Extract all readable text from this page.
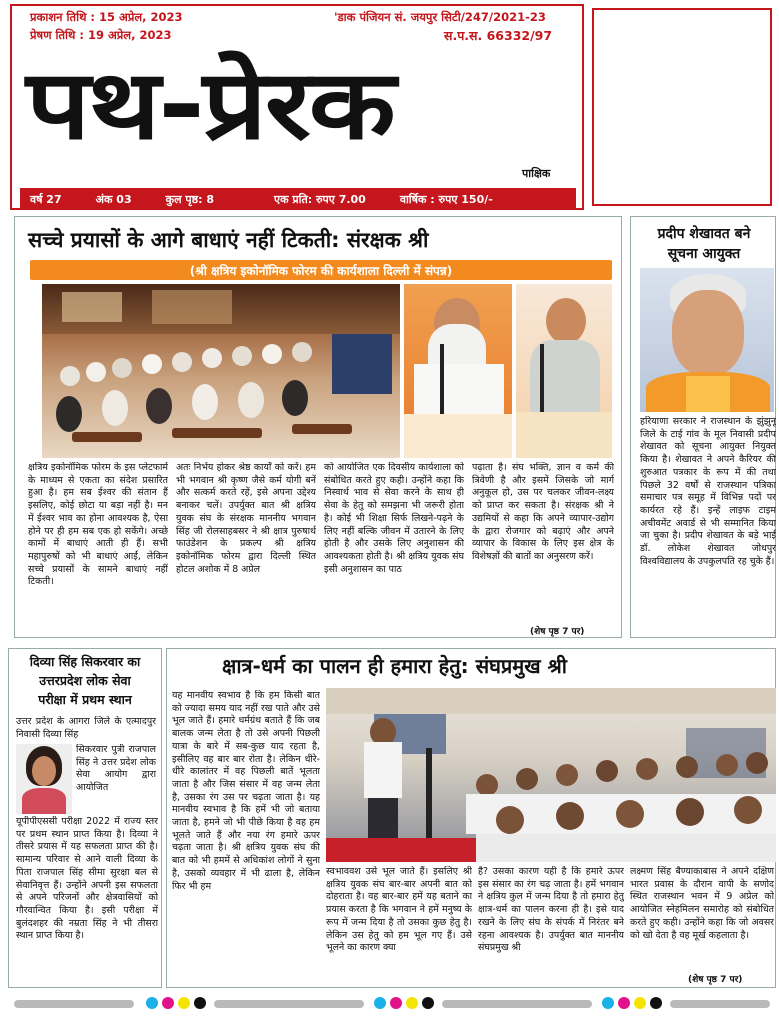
प्रकाशन तिथि : 15 अप्रेल, 2023
प्रेषण तिथि : 19 अप्रेल, 2023
'डाक पंजियन सं. जयपुर सिटी/247/2021-23
स.प.स. 66332/97
पथ-प्रेरक
पाक्षिक
वर्ष 27	अंक 03	कुल पृष्ठ: 8	एक प्रति: रुपए 7.00	वार्षिक : रुपए 150/-
सच्चे प्रयासों के आगे बाधाएं नहीं टिकती: संरक्षक श्री
(श्री क्षत्रिय इकोनॉमिक फोरम की कार्यशाला दिल्ली में संपन्न)
क्षत्रिय इकोनॉमिक फोरम के इस प्लेटफार्म के माध्यम से एकता का संदेश प्रसारित हुआ है। हम सब ईश्वर की संतान हैं इसलिए, कोई छोटा या बड़ा नहीं है। मन में ईश्वर भाव का होना आवश्यक है, ऐसा होने पर ही हम सब एक हो सकेंगे। अच्छे कामों में बाधाएं आती ही हैं। सभी महापुरुषों को भी बाधाएं आईं, लेकिन सच्चे प्रयासों के सामने बाधाएं नहीं टिकती।
अतः निर्भय होकर श्रेष्ठ कार्यों को करें। हम भी भगवान श्री कृष्ण जैसे कर्म योगी बनें और सत्कर्म करते रहें, इसे अपना उद्देश्य बनाकर चलें। उपर्युक्त बात श्री क्षत्रिय युवक संघ के संरक्षक माननीय भगवान सिंह जी रोलसाहबसर ने श्री क्षात्र पुरुषार्थ फाउंडेशन के प्रकल्प श्री क्षत्रिय इकोनॉमिक फोरम द्वारा दिल्ली स्थित होटल अशोक में 8 अप्रेल
को आयोजित एक दिवसीय कार्यशाला को संबोधित करते हुए कही। उन्होंने कहा कि निस्वार्थ भाव से सेवा करने के साथ ही सेवा के हेतु को समझना भी जरूरी होता है। कोई भी शिक्षा सिर्फ लिखने-पढ़ने के लिए नहीं बल्कि जीवन में उतारने के लिए होती है और उसके लिए अनुशासन की आवश्यकता होती है। श्री क्षत्रिय युवक संघ इसी अनुशासन का पाठ
पढ़ाता है। संघ भक्ति, ज्ञान व कर्म की त्रिवेणी है और इसमें जिसके जो मार्ग अनुकूल हो, उस पर चलकर जीवन-लक्ष्य को प्राप्त कर सकता है। संरक्षक श्री ने उद्यमियों से कहा कि अपने व्यापार-उद्योग के द्वारा रोजगार को बढ़ाएं और अपने व्यापार के विकास के लिए इस क्षेत्र के विशेषज्ञों की बातों का अनुसरण करें।
(शेष पृष्ठ 7 पर)
प्रदीप शेखावत बने
सूचना आयुक्त
हरियाणा सरकार ने राजस्थान के झुंझुनू जिले के टाई गांव के मूल निवासी प्रदीप शेखावत को सूचना आयुक्त नियुक्त किया है। शेखावत ने अपने कैरियर की शुरुआत पत्रकार के रूप में की तथा पिछले 32 वर्षों से राजस्थान पत्रिका समाचार पत्र समूह में विभिन्न पदों पर कार्यरत रहे हैं। इन्हें लाइफ टाइम अचीवमेंट अवार्ड से भी सम्मानित किया जा चुका है। प्रदीप शेखावत के बड़े भाई डॉ. लोकेश शेखावत जोधपुर विश्वविद्यालय के उपकुलपति रह चुके हैं।
दिव्या सिंह सिकरवार का
उत्तरप्रदेश लोक सेवा
परीक्षा में प्रथम स्थान
उत्तर प्रदेश के आगरा जिले के एत्मादपुर निवासी दिव्या सिंह
सिकरवार पुत्री राजपाल सिंह ने उत्तर प्रदेश लोक सेवा आयोग द्वारा आयोजित
यूपीपीएससी परीक्षा 2022 में राज्य स्तर पर प्रथम स्थान प्राप्त किया है। दिव्या ने तीसरे प्रयास में यह सफलता प्राप्त की है। सामान्य परिवार से आने वाली दिव्या के पिता राजपाल सिंह सीमा सुरक्षा बल से सेवानिवृत्त हैं। उन्होंने अपनी इस सफलता से अपने परिजनों और क्षेत्रवासियों को गौरवान्वित किया है। इसी परीक्षा में बुलंदशहर की नम्रता सिंह ने भी तीसरा स्थान प्राप्त किया है।
क्षात्र-धर्म का पालन ही हमारा हेतु: संघप्रमुख श्री
यह मानवीय स्वभाव है कि हम किसी बात को ज्यादा समय याद नहीं रख पाते और उसे भूल जाते हैं। हमारे धर्मग्रंथ बताते हैं कि जब बालक जन्म लेता है तो उसे अपनी पिछली यात्रा के बारे में सब-कुछ याद रहता है, इसीलिए वह बार बार रोता है। लेकिन धीरे-धीरे कालांतर में वह पिछली बातें भूलता जाता है और जिस संसार में वह जन्म लेता है, उसका रंग उस पर चढ़ता जाता है। यह मानवीय स्वभाव है कि हमें भी जो बताया जाता है, हमने जो भी पीछे किया है वह हम भूलते जाते हैं और नया रंग हमारे ऊपर चढ़ता जाता है। श्री क्षत्रिय युवक संघ की बात को भी हममें से अधिकांश लोगों ने सुना है, उसको व्यवहार में भी ढाला है, लेकिन फिर भी हम
स्वभाववश उसे भूल जाते हैं। इसलिए श्री क्षत्रिय युवक संघ बार-बार अपनी बात को दोहराता है। वह बार-बार हमें यह बताने का प्रयास करता है कि भगवान ने हमें मनुष्य के रूप में जन्म दिया है तो उसका कुछ हेतु है। लेकिन उस हेतु को हम भूल गए हैं। उसे भूलने का कारण क्या
है? उसका कारण यही है कि हमारे ऊपर इस संसार का रंग चढ़ जाता है। हमें भगवान ने क्षत्रिय कुल में जन्म दिया है तो हमारा हेतु क्षात्र-धर्म का पालन करना ही है। इसे याद रखने के लिए संघ के संपर्क में निरंतर बने रहना आवश्यक है। उपर्युक्त बात माननीय संघप्रमुख श्री
लक्ष्मण सिंह बैण्याकाबास ने अपने दक्षिण भारत प्रवास के दौरान वापी के सणोद स्थित राजस्थान भवन में 9 अप्रेल को आयोजित स्नेहमिलन समारोह को संबोधित करते हुए कही। उन्होंने कहा कि जो अवसर को खो देता है वह मूर्ख कहलाता है।
(शेष पृष्ठ 7 पर)
